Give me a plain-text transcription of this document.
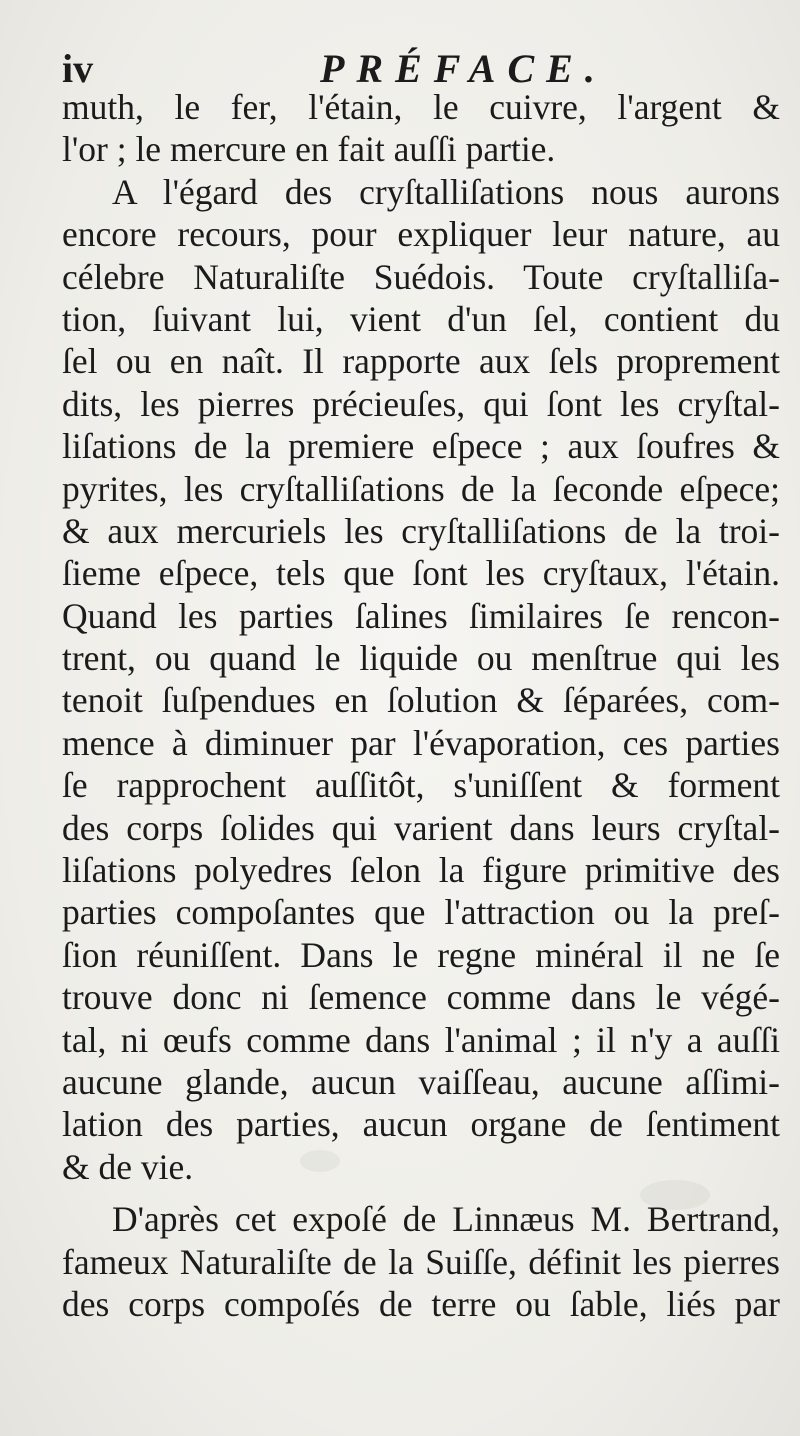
iv	PRÉFACE.
muth, le fer, l'étain, le cuivre, l'argent &
l'or ; le mercure en fait auſſi partie.
A l'égard des cryſtalliſations nous aurons
encore recours, pour expliquer leur nature, au
célebre Naturaliſte Suédois. Toute cryſtalliſa-
tion, ſuivant lui, vient d'un ſel, contient du
ſel ou en naît. Il rapporte aux ſels proprement
dits, les pierres précieuſes, qui ſont les cryſtal-
liſations de la premiere eſpece ; aux ſoufres &
pyrites, les cryſtalliſations de la ſeconde eſpece;
& aux mercuriels les cryſtalliſations de la troi-
ſieme eſpece, tels que ſont les cryſtaux, l'étain.
Quand les parties ſalines ſimilaires ſe rencon-
trent, ou quand le liquide ou menſtrue qui les
tenoit ſuſpendues en ſolution & ſéparées, com-
mence à diminuer par l'évaporation, ces parties
ſe rapprochent auſſitôt, s'uniſſent & forment
des corps ſolides qui varient dans leurs cryſtal-
liſations polyedres ſelon la figure primitive des
parties compoſantes que l'attraction ou la preſ-
ſion réuniſſent. Dans le regne minéral il ne ſe
trouve donc ni ſemence comme dans le végé-
tal, ni œufs comme dans l'animal ; il n'y a auſſi
aucune glande, aucun vaiſſeau, aucune aſſimi-
lation des parties, aucun organe de ſentiment
& de vie.
D'après cet expoſé de Linnæus M. Bertrand,
fameux Naturaliſte de la Suiſſe, définit les pierres
des corps compoſés de terre ou ſable, liés par
